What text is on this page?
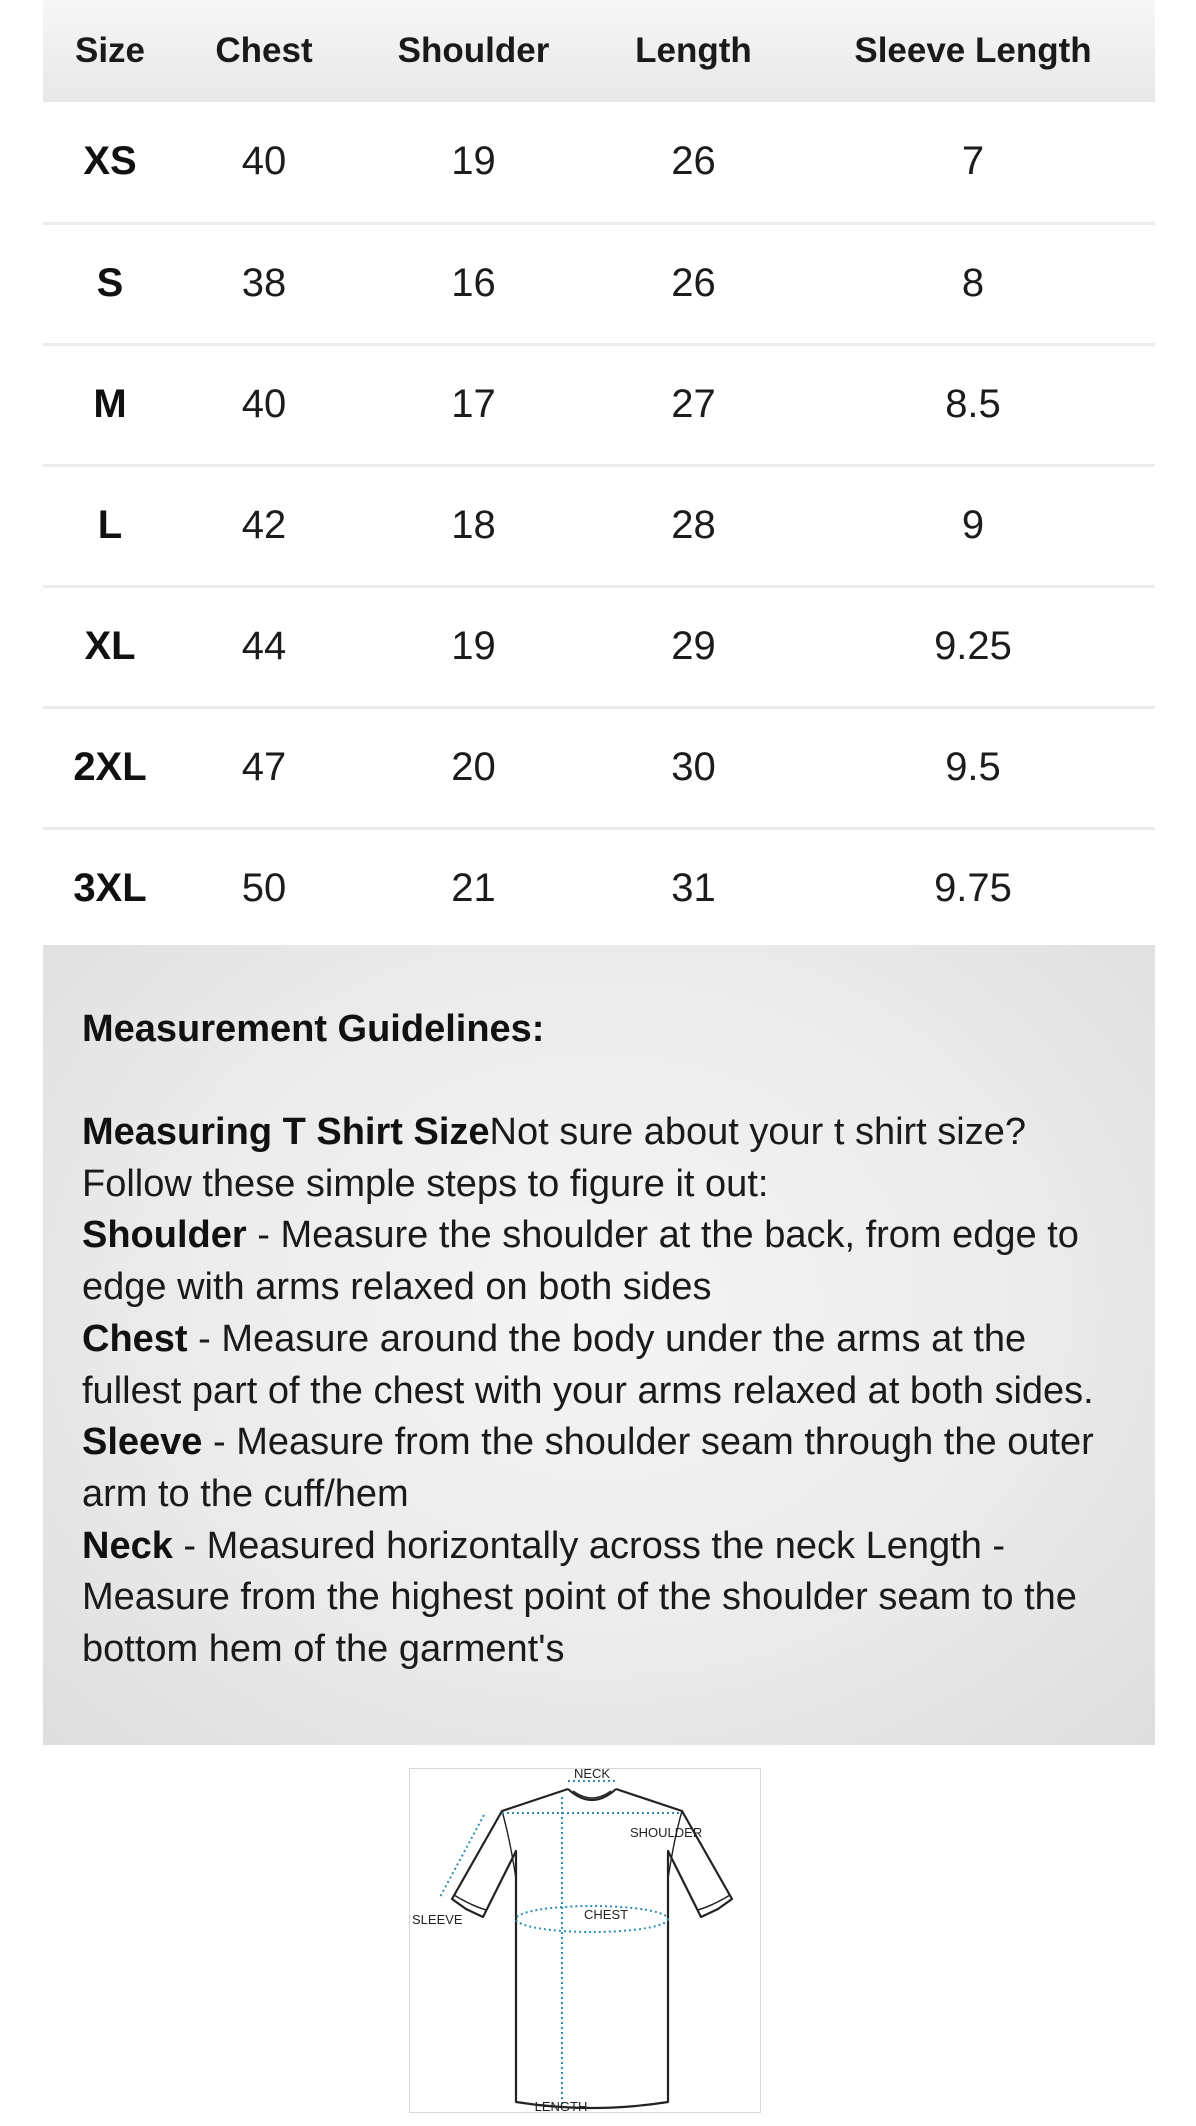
Size	Chest	Shoulder	Length	Sleeve Length
XS	40	19	26	7
S	38	16	26	8
M	40	17	27	8.5
L	42	18	28	9
XL	44	19	29	9.25
2XL	47	20	30	9.5
3XL	50	21	31	9.75
Measurement Guidelines:
Measuring T Shirt SizeNot sure about your t shirt size? Follow these simple steps to figure it out:
Shoulder - Measure the shoulder at the back, from edge to edge with arms relaxed on both sides
Chest - Measure around the body under the arms at the fullest part of the chest with your arms relaxed at both sides.
Sleeve - Measure from the shoulder seam through the outer arm to the cuff/hem
Neck - Measured horizontally across the neck Length - Measure from the highest point of the shoulder seam to the bottom hem of the garment's
NECK
SHOULDER
CHEST
SLEEVE
LENGTH
